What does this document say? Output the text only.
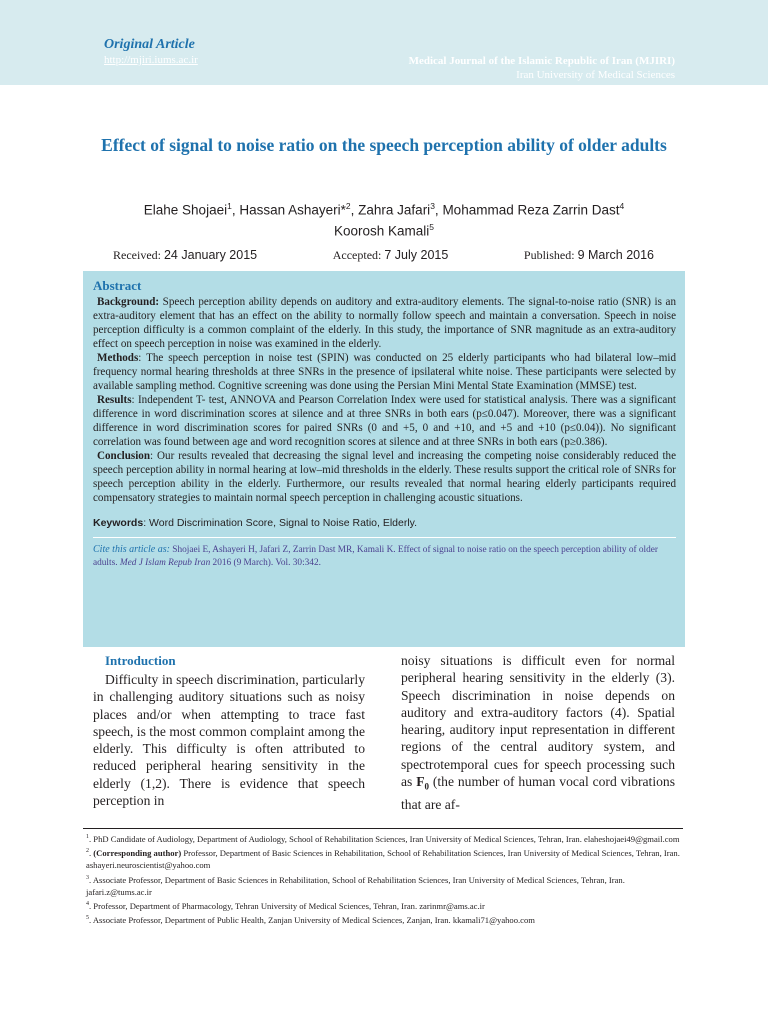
Original Article
http://mjiri.iums.ac.ir	Medical Journal of the Islamic Republic of Iran (MJIRI)
Iran University of Medical Sciences
Effect of signal to noise ratio on the speech perception ability of older adults
Elahe Shojaei$^1$, Hassan Ashayeri*$^2$, Zahra Jafari$^3$, Mohammad Reza Zarrin Dast$^4$
Koorosh Kamali$^5$
Received: 24 January 2015	Accepted: 7 July 2015	Published: 9 March 2016
Abstract

Background: Speech perception ability depends on auditory and extra-auditory elements. The signal-to-noise ratio (SNR) is an extra-auditory element that has an effect on the ability to normally follow speech and maintain a conversation. Speech in noise perception difficulty is a common complaint of the elderly. In this study, the importance of SNR magnitude as an extra-auditory effect on speech perception in noise was examined in the elderly.

Methods: The speech perception in noise test (SPIN) was conducted on 25 elderly participants who had bilateral low–mid frequency normal hearing thresholds at three SNRs in the presence of ipsilateral white noise. These participants were selected by available sampling method. Cognitive screening was done using the Persian Mini Mental State Examination (MMSE) test.

Results: Independent T- test, ANNOVA and Pearson Correlation Index were used for statistical analysis. There was a significant difference in word discrimination scores at silence and at three SNRs in both ears (p≤0.047). Moreover, there was a significant difference in word discrimination scores for paired SNRs (0 and +5, 0 and +10, and +5 and +10 (p≤0.04)). No significant correlation was found between age and word recognition scores at silence and at three SNRs in both ears (p≥0.386).

Conclusion: Our results revealed that decreasing the signal level and increasing the competing noise considerably reduced the speech perception ability in normal hearing at low–mid thresholds in the elderly. These results support the critical role of SNRs for speech perception ability in the elderly. Furthermore, our results revealed that normal hearing elderly participants required compensatory strategies to maintain normal speech perception in challenging acoustic situations.

Keywords: Word Discrimination Score, Signal to Noise Ratio, Elderly.

Cite this article as: Shojaei E, Ashayeri H, Jafari Z, Zarrin Dast MR, Kamali K. Effect of signal to noise ratio on the speech perception ability of older adults. Med J Islam Repub Iran 2016 (9 March). Vol. 30:342.

Introduction

Difficulty in speech discrimination, particularly in challenging auditory situations such as noisy places and/or when attempting to trace fast speech, is the most common complaint among the elderly. This difficulty is often attributed to reduced peripheral hearing sensitivity in the elderly (1,2). There is evidence that speech perception in

noisy situations is difficult even for normal peripheral hearing sensitivity in the elderly (3). Speech discrimination in noise depends on auditory and extra-auditory factors (4). Spatial hearing, auditory input representation in different regions of the central auditory system, and spectrotemporal cues for speech processing such as $F_0$ (the number of human vocal cord vibrations that are af-

$^1$. PhD Candidate of Audiology, Department of Audiology, School of Rehabilitation Sciences, Iran University of Medical Sciences, Tehran, Iran. elaheshojaei49@gmail.com

$^2$. (Corresponding author) Professor, Department of Basic Sciences in Rehabilitation, School of Rehabilitation Sciences, Iran University of Medical Sciences, Tehran, Iran. ashayeri.neuroscientist@yahoo.com

$^3$. Associate Professor, Department of Basic Sciences in Rehabilitation, School of Rehabilitation Sciences, Iran University of Medical Sciences, Tehran, Iran. jafari.z@tums.ac.ir

$^4$. Professor, Department of Pharmacology, Tehran University of Medical Sciences, Tehran, Iran. zarinmr@ams.ac.ir

$^5$. Associate Professor, Department of Public Health, Zanjan University of Medical Sciences, Zanjan, Iran. kkamali71@yahoo.com
